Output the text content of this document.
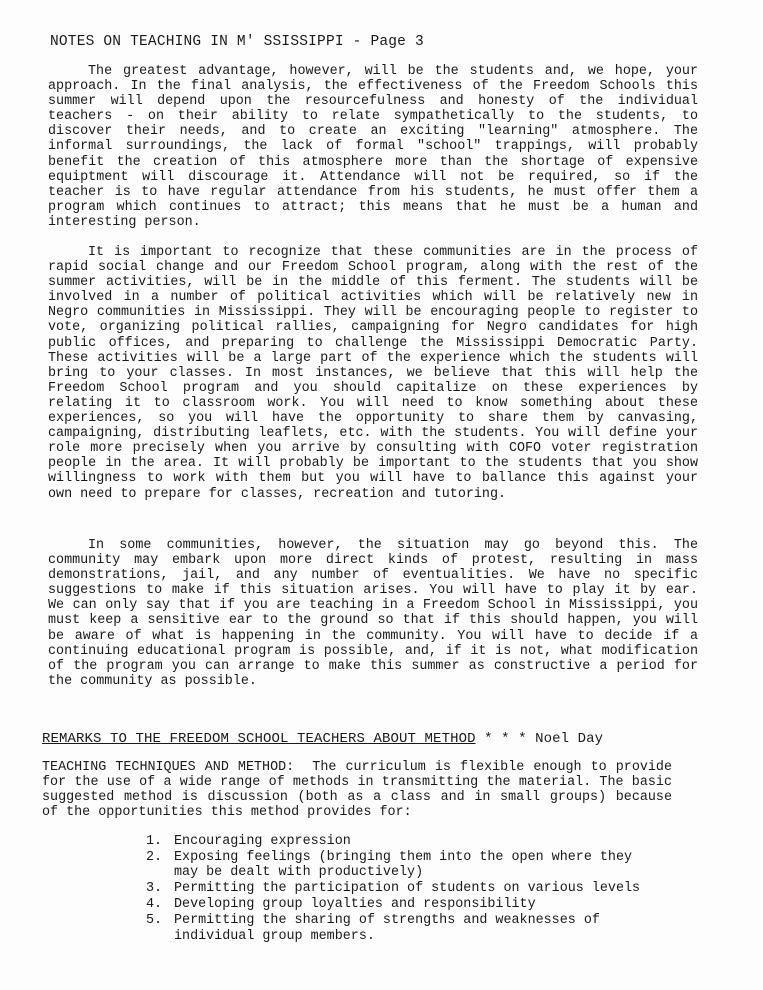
NOTES ON TEACHING IN M' SSISSIPPI - Page 3

The greatest advantage, however, will be the students and, we hope, your approach. In the final analysis, the effectiveness of the Freedom Schools this summer will depend upon the resourcefulness and honesty of the individual teachers - on their ability to relate sympathetically to the students, to discover their needs, and to create an exciting "learning" atmosphere. The informal surroundings, the lack of formal "school" trappings, will probably benefit the creation of this atmosphere more than the shortage of expensive equiptment will discourage it. Attendance will not be required, so if the teacher is to have regular attendance from his students, he must offer them a program which continues to attract; this means that he must be a human and interesting person.

It is important to recognize that these communities are in the process of rapid social change and our Freedom School program, along with the rest of the summer activities, will be in the middle of this ferment. The students will be involved in a number of political activities which will be relatively new in Negro communities in Mississippi. They will be encouraging people to register to vote, organizing political rallies, campaigning for Negro candidates for high public offices, and preparing to challenge the Mississippi Democratic Party. These activities will be a large part of the experience which the students will bring to your classes. In most instances, we believe that this will help the Freedom School program and you should capitalize on these experiences by relating it to classroom work. You will need to know something about these experiences, so you will have the opportunity to share them by canvasing, campaigning, distributing leaflets, etc. with the students. You will define your role more precisely when you arrive by consulting with COFO voter registration people in the area. It will probably be important to the students that you show willingness to work with them but you will have to ballance this against your own need to prepare for classes, recreation and tutoring.

In some communities, however, the situation may go beyond this. The community may embark upon more direct kinds of protest, resulting in mass demonstrations, jail, and any number of eventualities. We have no specific suggestions to make if this situation arises. You will have to play it by ear. We can only say that if you are teaching in a Freedom School in Mississippi, you must keep a sensitive ear to the ground so that if this should happen, you will be aware of what is happening in the community. You will have to decide if a continuing educational program is possible, and, if it is not, what modification of the program you can arrange to make this summer as constructive a period for the community as possible.

REMARKS TO THE FREEDOM SCHOOL TEACHERS ABOUT METHOD * * * Noel Day

TEACHING TECHNIQUES AND METHOD: The curriculum is flexible enough to provide for the use of a wide range of methods in transmitting the material. The basic suggested method is discussion (both as a class and in small groups) because of the opportunities this method provides for:

1. Encouraging expression
2. Exposing feelings (bringing them into the open where they may be dealt with productively)
3. Permitting the participation of students on various levels
4. Developing group loyalties and responsibility
5. Permitting the sharing of strengths and weaknesses of individual group members.
